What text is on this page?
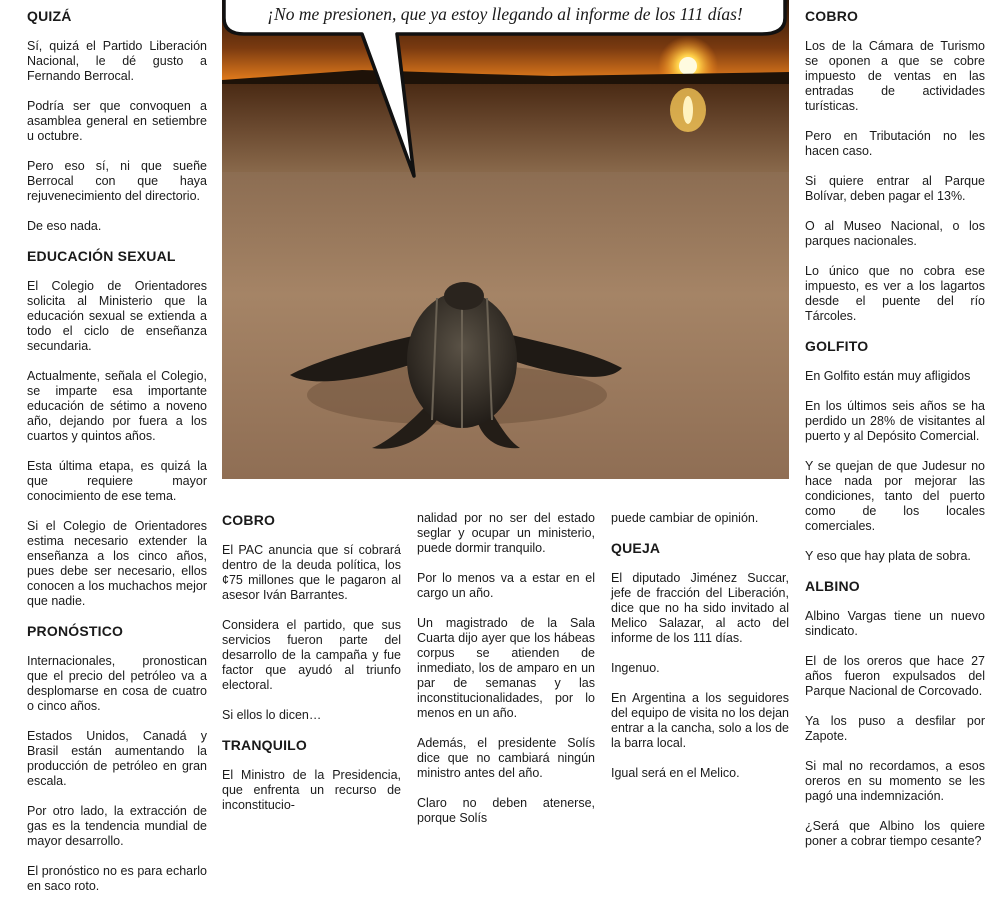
QUIZÁ

Sí, quizá el Partido Liberación Nacional, le dé gusto a Fernando Berrocal.

Podría ser que convoquen a asamblea general en setiembre u octubre.

Pero eso sí, ni que sueñe Berrocal con que haya rejuvenecimiento del directorio.

De eso nada.

EDUCACIÓN SEXUAL

El Colegio de Orientadores solicita al Ministerio que la educación sexual se extienda a todo el ciclo de enseñanza secundaria.

Actualmente, señala el Colegio, se imparte esa importante educación de sétimo a noveno año, dejando por fuera a los cuartos y quintos años.

Esta última etapa, es quizá la que requiere mayor conocimiento de ese tema.

Si el Colegio de Orientadores estima necesario extender la enseñanza a los cinco años, pues debe ser necesario, ellos conocen a los muchachos mejor que nadie.

PRONÓSTICO

Internacionales, pronostican que el precio del petróleo va a desplomarse en cosa de cuatro o cinco años.

Estados Unidos, Canadá y Brasil están aumentando la producción de petróleo en gran escala.

Por otro lado, la extracción de gas es la tendencia mundial de mayor desarrollo.

El pronóstico no es para echarlo en saco roto.

¡No me presionen, que ya estoy llegando al informe de los 111 días!
COBRO

El PAC anuncia que sí cobrará dentro de la deuda política, los ¢75 millones que le pagaron al asesor Iván Barrantes.

Considera el partido, que sus servicios fueron parte del desarrollo de la campaña y fue factor que ayudó al triunfo electoral.

Si ellos lo dicen…

TRANQUILO

El Ministro de la Presidencia, que enfrenta un recurso de inconstitucio-

nalidad por no ser del estado seglar y ocupar un ministerio, puede dormir tranquilo.

Por lo menos va a estar en el cargo un año.

Un magistrado de la Sala Cuarta dijo ayer que los hábeas corpus se atienden de inmediato, los de amparo en un par de semanas y las inconstitucionalidades, por lo menos en un año.

Además, el presidente Solís dice que no cambiará ningún ministro antes del año.

Claro no deben atenerse, porque Solís

puede cambiar de opinión.

QUEJA

El diputado Jiménez Succar, jefe de fracción del Liberación, dice que no ha sido invitado al Melico Salazar, al acto del informe de los 111 días.

Ingenuo.

En Argentina a los seguidores del equipo de visita no los dejan entrar a la cancha, solo a los de la barra local.

Igual será en el Melico.

COBRO

Los de la Cámara de Turismo se oponen a que se cobre impuesto de ventas en las entradas de actividades turísticas.

Pero en Tributación no les hacen caso.

Si quiere entrar al Parque Bolívar, deben pagar el 13%.

O al Museo Nacional, o los parques nacionales.

Lo único que no cobra ese impuesto, es ver a los lagartos desde el puente del río Tárcoles.

GOLFITO

En Golfito están muy afligidos

En los últimos seis años se ha perdido un 28% de visitantes al puerto y al Depósito Comercial.

Y se quejan de que Judesur no hace nada por mejorar las condiciones, tanto del puerto como de los locales comerciales.

Y eso que hay plata de sobra.

ALBINO

Albino Vargas tiene un nuevo sindicato.

El de los oreros que hace 27 años fueron expulsados del Parque Nacional de Corcovado.

Ya los puso a desfilar por Zapote.

Si mal no recordamos, a esos oreros en su momento se les pagó una indemnización.

¿Será que Albino los quiere poner a cobrar tiempo cesante?
